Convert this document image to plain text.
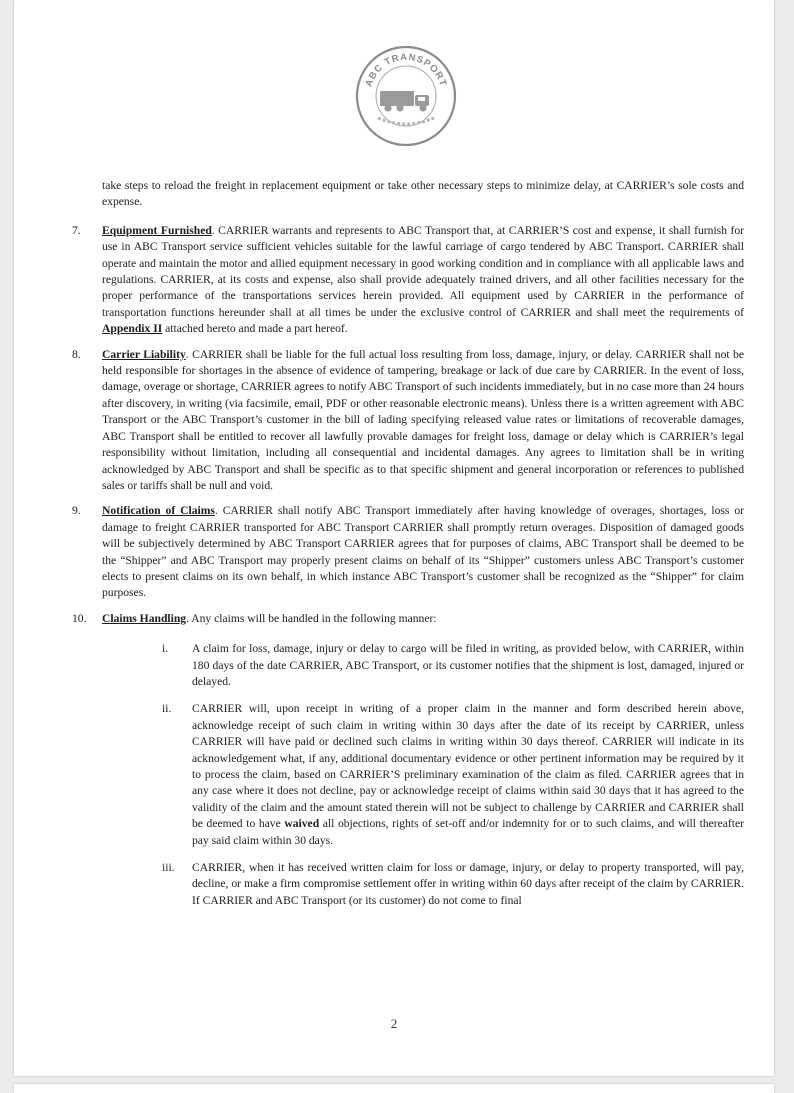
ABC TRANSPORT

take steps to reload the freight in replacement equipment or take other necessary steps to minimize delay, at CARRIER’s sole costs and expense.

7.	Equipment Furnished. CARRIER warrants and represents to ABC Transport that, at CARRIER’S cost and expense, it shall furnish for use in ABC Transport service sufficient vehicles suitable for the lawful carriage of cargo tendered by ABC Transport. CARRIER shall operate and maintain the motor and allied equipment necessary in good working condition and in compliance with all applicable laws and regulations. CARRIER, at its costs and expense, also shall provide adequately trained drivers, and all other facilities necessary for the proper performance of the transportations services herein provided. All equipment used by CARRIER in the performance of transportation functions hereunder shall at all times be under the exclusive control of CARRIER and shall meet the requirements of Appendix II attached hereto and made a part hereof.

8.	Carrier Liability. CARRIER shall be liable for the full actual loss resulting from loss, damage, injury, or delay. CARRIER shall not be held responsible for shortages in the absence of evidence of tampering, breakage or lack of due care by CARRIER. In the event of loss, damage, overage or shortage, CARRIER agrees to notify ABC Transport of such incidents immediately, but in no case more than 24 hours after discovery, in writing (via facsimile, email, PDF or other reasonable electronic means). Unless there is a written agreement with ABC Transport or the ABC Transport’s customer in the bill of lading specifying released value rates or limitations of recoverable damages, ABC Transport shall be entitled to recover all lawfully provable damages for freight loss, damage or delay which is CARRIER’s legal responsibility without limitation, including all consequential and incidental damages. Any agrees to limitation shall be in writing acknowledged by ABC Transport and shall be specific as to that specific shipment and general incorporation or references to published sales or tariffs shall be null and void.

9.	Notification of Claims. CARRIER shall notify ABC Transport immediately after having knowledge of overages, shortages, loss or damage to freight CARRIER transported for ABC Transport CARRIER shall promptly return overages. Disposition of damaged goods will be subjectively determined by ABC Transport CARRIER agrees that for purposes of claims, ABC Transport shall be deemed to be the “Shipper” and ABC Transport may properly present claims on behalf of its “Shipper” customers unless ABC Transport’s customer elects to present claims on its own behalf, in which instance ABC Transport’s customer shall be recognized as the “Shipper” for claim purposes.

10.	Claims Handling. Any claims will be handled in the following manner:

i. A claim for loss, damage, injury or delay to cargo will be filed in writing, as provided below, with CARRIER, within 180 days of the date CARRIER, ABC Transport, or its customer notifies that the shipment is lost, damaged, injured or delayed.

ii. CARRIER will, upon receipt in writing of a proper claim in the manner and form described herein above, acknowledge receipt of such claim in writing within 30 days after the date of its receipt by CARRIER, unless CARRIER will have paid or declined such claims in writing within 30 days thereof. CARRIER will indicate in its acknowledgement what, if any, additional documentary evidence or other pertinent information may be required by it to process the claim, based on CARRIER’S preliminary examination of the claim as filed. CARRIER agrees that in any case where it does not decline, pay or acknowledge receipt of claims within said 30 days that it has agreed to the validity of the claim and the amount stated therein will not be subject to challenge by CARRIER and CARRIER shall be deemed to have waived all objections, rights of set-off and/or indemnity for or to such claims, and will thereafter pay said claim within 30 days.

iii. CARRIER, when it has received written claim for loss or damage, injury, or delay to property transported, will pay, decline, or make a firm compromise settlement offer in writing within 60 days after receipt of the claim by CARRIER. If CARRIER and ABC Transport (or its customer) do not come to final

2
